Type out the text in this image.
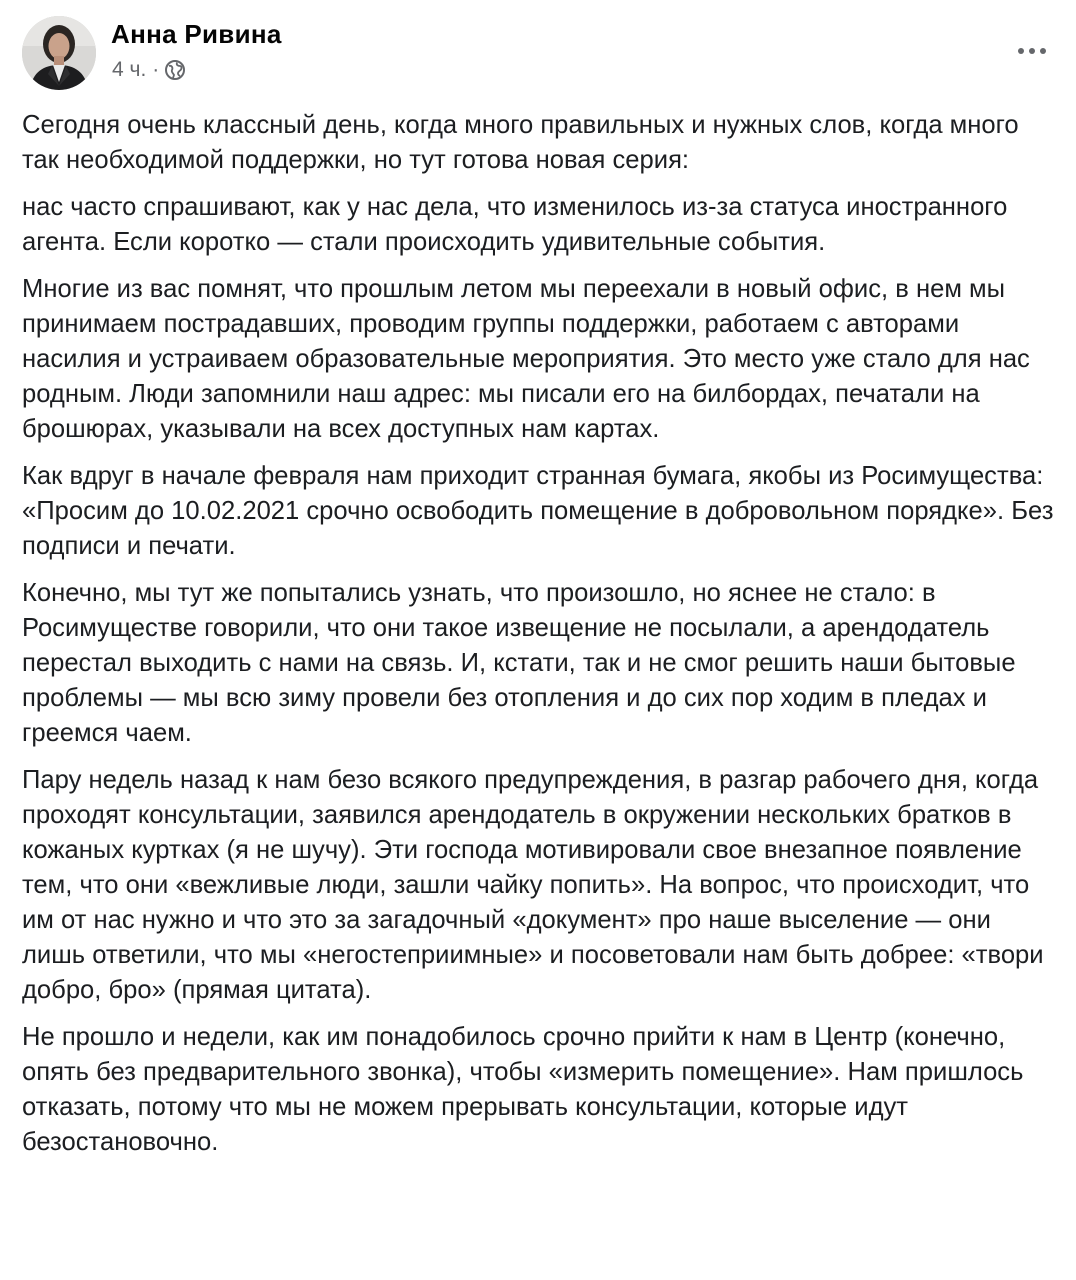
Анна Ривина
4 ч. ·

Сегодня очень классный день, когда много правильных и нужных слов, когда много так необходимой поддержки, но тут готова новая серия:

нас часто спрашивают, как у нас дела, что изменилось из-за статуса иностранного агента. Если коротко — стали происходить удивительные события.

Многие из вас помнят, что прошлым летом мы переехали в новый офис, в нем мы принимаем пострадавших, проводим группы поддержки, работаем с авторами насилия и устраиваем образовательные мероприятия. Это место уже стало для нас родным. Люди запомнили наш адрес: мы писали его на билбордах, печатали на брошюрах, указывали на всех доступных нам картах.

Как вдруг в начале февраля нам приходит странная бумага, якобы из Росимущества: «Просим до 10.02.2021 срочно освободить помещение в добровольном порядке». Без подписи и печати.

Конечно, мы тут же попытались узнать, что произошло, но яснее не стало: в Росимуществе говорили, что они такое извещение не посылали, а арендодатель перестал выходить с нами на связь. И, кстати, так и не смог решить наши бытовые проблемы — мы всю зиму провели без отопления и до сих пор ходим в пледах и греемся чаем.

Пару недель назад к нам безо всякого предупреждения, в разгар рабочего дня, когда проходят консультации, заявился арендодатель в окружении нескольких братков в кожаных куртках (я не шучу). Эти господа мотивировали свое внезапное появление тем, что они «вежливые люди, зашли чайку попить». На вопрос, что происходит, что им от нас нужно и что это за загадочный «документ» про наше выселение — они лишь ответили, что мы «негостеприимные» и посоветовали нам быть добрее: «твори добро, бро» (прямая цитата).

Не прошло и недели, как им понадобилось срочно прийти к нам в Центр (конечно, опять без предварительного звонка), чтобы «измерить помещение». Нам пришлось отказать, потому что мы не можем прерывать консультации, которые идут безостановочно.
